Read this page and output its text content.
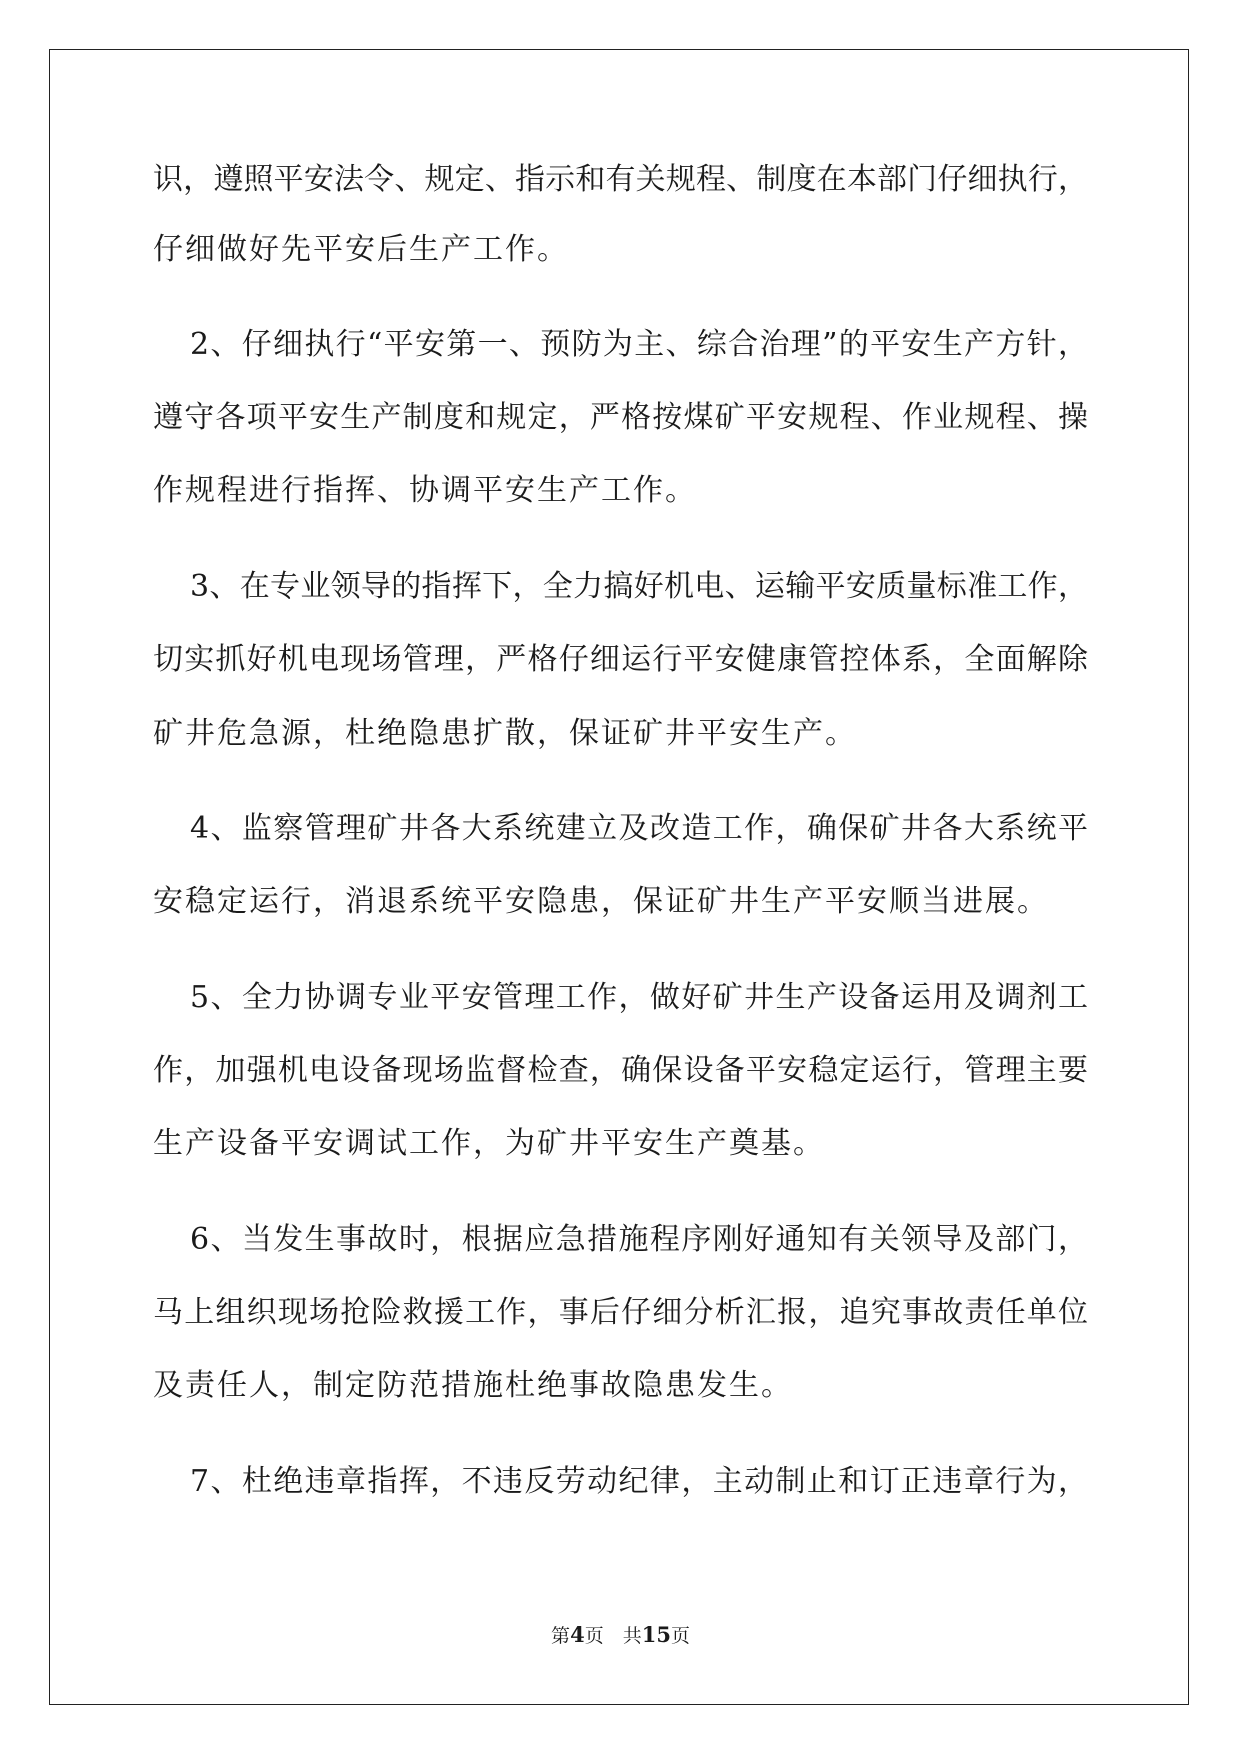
识，遵照平安法令、规定、指示和有关规程、制度在本部门仔细执行，
仔细做好先平安后生产工作。
2、仔细执行“平安第一、预防为主、综合治理”的平安生产方针，
遵守各项平安生产制度和规定，严格按煤矿平安规程、作业规程、操
作规程进行指挥、协调平安生产工作。
3、在专业领导的指挥下，全力搞好机电、运输平安质量标准工作，
切实抓好机电现场管理，严格仔细运行平安健康管控体系，全面解除
矿井危急源，杜绝隐患扩散，保证矿井平安生产。
4、监察管理矿井各大系统建立及改造工作，确保矿井各大系统平
安稳定运行，消退系统平安隐患，保证矿井生产平安顺当进展。
5、全力协调专业平安管理工作，做好矿井生产设备运用及调剂工
作，加强机电设备现场监督检查，确保设备平安稳定运行，管理主要
生产设备平安调试工作，为矿井平安生产奠基。
6、当发生事故时，根据应急措施程序刚好通知有关领导及部门，
马上组织现场抢险救援工作，事后仔细分析汇报，追究事故责任单位
及责任人，制定防范措施杜绝事故隐患发生。
7、杜绝违章指挥，不违反劳动纪律，主动制止和订正违章行为，
第4页　共15页
